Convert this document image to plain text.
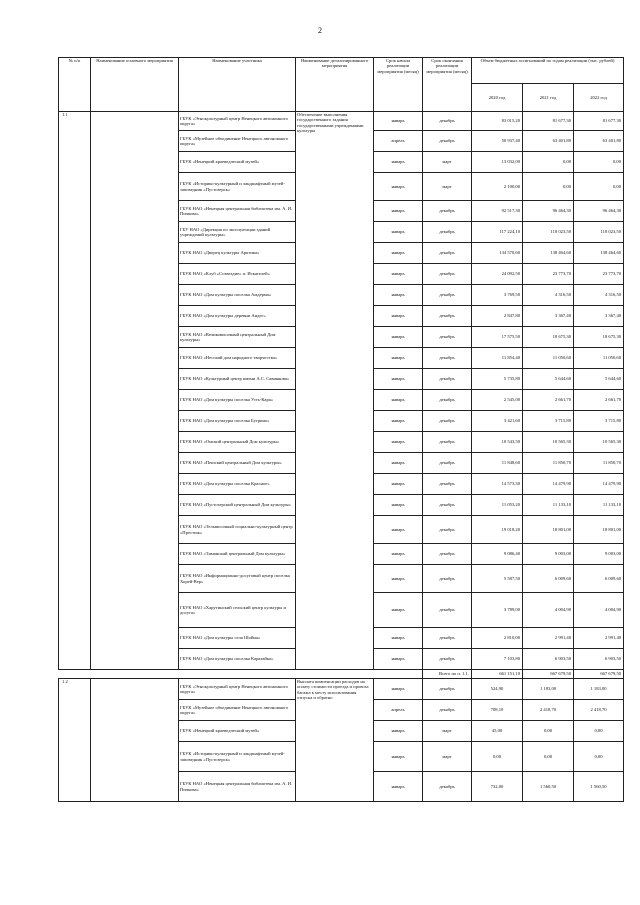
2
№ п/п	Наименование основного мероприятия	Наименование участника	Наименование детализированного мероприятия	Срок начала реализации мероприятия (месяц)	Срок окончания реализации мероприятия (месяц)	Объем бюджетных ассигнований по годам реализации (тыс. рублей)		
						2020 год	2021 год	2022 год
1.1		ГБУК «Этнокультурный центр Ненецкого автономного округа»	Обеспечение выполнения государственного задания государственными учреждениями культуры	январь	декабрь	83 015,20	81 677,30	81 677,30
		ГБУК «Музейное объединение Ненецкого автономного округа»		апрель	декабрь	50 937,40	63 401,80	63 401,80
		ГБУК «Ненецкий краеведческий музей»		январь	март	13 032,00	0,00	0,00
		ГБУК «Историко-культурный и ландшафтный музей-заповедник «Пустозерск»		январь	март	2 100,00	0,00	0,00
		ГБУК НАО «Ненецкая центральная библиотека им. А. И. Пичкова»		январь	декабрь	92 517,30	96 464,30	96 464,30
		ГБУ НАО «Дирекция по эксплуатации зданий учреждений культуры»		январь	декабрь	117 224,10	118 023,50	118 023,50
		ГБУК НАО «Дворец культуры Арктика»		январь	декабрь	134 570,60	138 464,60	138 464,60
		ГБУК НАО «Клуб «Созвездие» п. Искателей»		январь	декабрь	24 092,50	23 773,70	23 773,70
		ГБУК НАО «Дом культуры поселка Амдерма»		январь	декабрь	3 769,50	4 316,50	4 316,50
		ГБУК НАО «Дом культуры деревни Андег»		январь	декабрь	2 847,80	3 367,40	3 367,40
		ГБУК НАО «Великовисочный центральный Дом культуры»		январь	декабрь	17 575,50	18 675,30	18 675,30
		ГБУК НАО «Несский дом народного творчества»		январь	декабрь	11 854,40	11 050,60	11 050,60
		ГБУК НАО «Культурный центр имени А.С. Савинкова»		январь	декабрь	5 735,80	5 644,60	5 644,60
		ГБУК НАО «Дом культуры поселка Усть-Кара»		январь	декабрь	2 545,00	2 661,70	2 661,70
		ГБУК НАО «Дом культуры поселка Бугрино»		январь	декабрь	3 421,60	3 715,80	3 715,80
		ГБУК НАО «Омский центральный Дом культуры»		январь	декабрь	10 543,50	10 565,30	10 565,30
		ГБУК НАО «Пешский центральный Дом культуры»		январь	декабрь	11 848,60	11 850,70	11 850,70
		ГБУК НАО «Дом культуры поселка Красное»		январь	декабрь	14 573,30	14 479,90	14 479,90
		ГБУК НАО «Пустозерский центральный Дом культуры»		январь	декабрь	11 053,20	11 133,10	11 133,10
		ГБУК НАО «Тельвисочный социально-культурный центр «Престиж»		январь	декабрь	19 018,20	18 801,00	18 801,00
		ГБУК НАО «Тиманский центральный Дом культуры»		январь	декабрь	9 086,40	9 003,00	9 003,00
		ГБУК НАО «Информационно-досуговый центр поселка Хорей-Вер»		январь	декабрь	5 587,50	6 009,60	6 009,60
		ГБУК НАО «Харутинский сельский центр культуры и досуга»		январь	декабрь	3 789,00	4 004,90	4 004,90
		ГБУК НАО «Дом культуры села Шойна»		январь	декабрь	2 810,00	2 991,40	2 991,40
		ГБУК НАО «Дом культуры поселка Каратайка»		январь	декабрь	7 103,80	6 903,50	6 903,50
					Всего по п. 1.1.	661 151,10	667 679,50	667 679,50
1.2		ГБУК «Этнокультурный центр Ненецкого автономного округа»	Выплата компенсации расходов на оплату стоимости проезда и провоза багажа к месту использования отпуска и обратно	январь	декабрь	524,90	1 183,00	1 183,00
		ГБУК «Музейное объединение Ненецкого автономного округа»		апрель	декабрь	708,10	2 418,70	2 418,70
		ГБУК «Ненецкий краеведческий музей»		январь	март	45,00	0,00	0,00
		ГБУК «Историко-культурный и ландшафтный музей-заповедник «Пустозерск»		январь	март	0,00	0,00	0,00
		ГБУК НАО «Ненецкая центральная библиотека им. А. И. Пичкова»		январь	декабрь	732,00	1 560,50	1 560,50
